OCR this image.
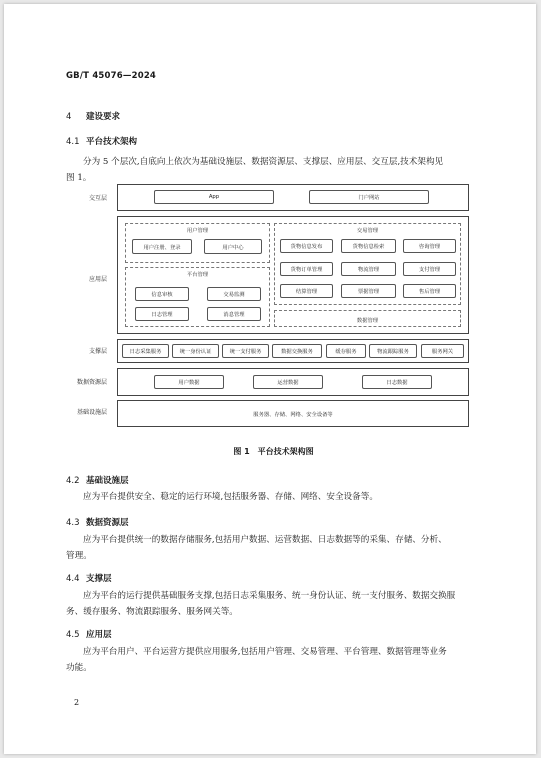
GB/T 45076—2024
4 建设要求
4.1 平台技术架构
分为 5 个层次,自底向上依次为基础设施层、数据资源层、支撑层、应用层、交互层,技术架构见
图 1。
交互层
应用层
支撑层
数据资源层
基础设施层
App	门户网站
用户管理
用户注册、登录	用户中心
平台管理
信息审核	交易监测
日志管理	消息管理
交易管理
货物信息发布	货物信息检索	咨询管理
货物订单管理	物流管理	支付管理
结算管理	票据管理	售后管理
数据管理
日志采集服务	统一身份认证	统一支付服务	数据交换服务	缓存服务	物流跟踪服务	服务网关
用户数据	运营数据	日志数据
服务器、存储、网络、安全设备等
图 1　平台技术架构图
4.2 基础设施层
应为平台提供安全、稳定的运行环境,包括服务器、存储、网络、安全设备等。
4.3 数据资源层
应为平台提供统一的数据存储服务,包括用户数据、运营数据、日志数据等的采集、存储、分析、
管理。
4.4 支撑层
应为平台的运行提供基础服务支撑,包括日志采集服务、统一身份认证、统一支付服务、数据交换服
务、缓存服务、物流跟踪服务、服务网关等。
4.5 应用层
应为平台用户、平台运营方提供应用服务,包括用户管理、交易管理、平台管理、数据管理等业务
功能。
2
